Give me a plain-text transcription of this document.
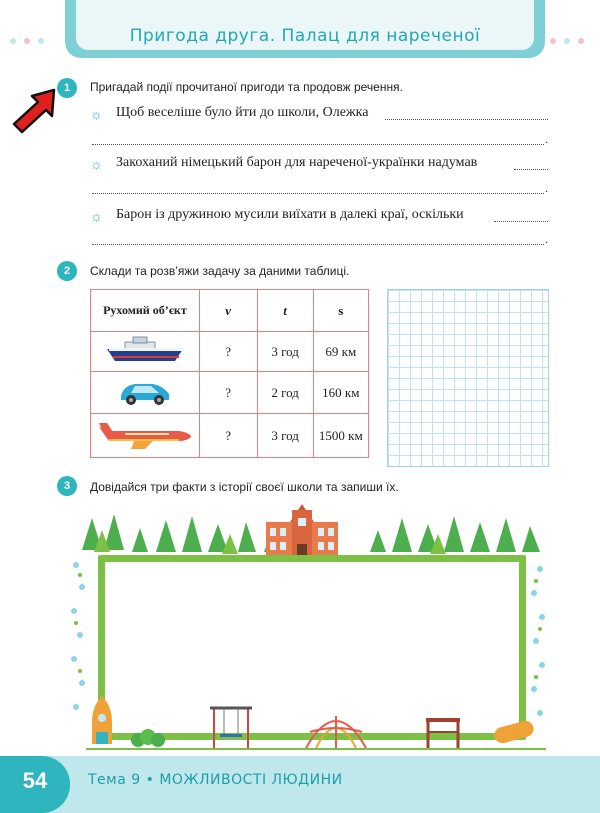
Пригода друга. Палац для нареченої
1	Пригадай події прочитаної пригоди та продовж речення.
☼ Щоб веселіше було йти до школи, Олежка
.
☼ Закоханий німецький барон для нареченої-українки надумав
.
☼ Барон із дружиною мусили виїхати в далекі краї, оскільки
.
2	Склади та розв’яжи задачу за даними таблиці.
Рухомий об’єкт	v	t	s
	?	3 год	69 км
	?	2 год	160 км
	?	3 год	1500 км
3	Довідайся три факти з історії своєї школи та запиши їх.
54	Тема 9 • МОЖЛИВОСТІ ЛЮДИНИ
